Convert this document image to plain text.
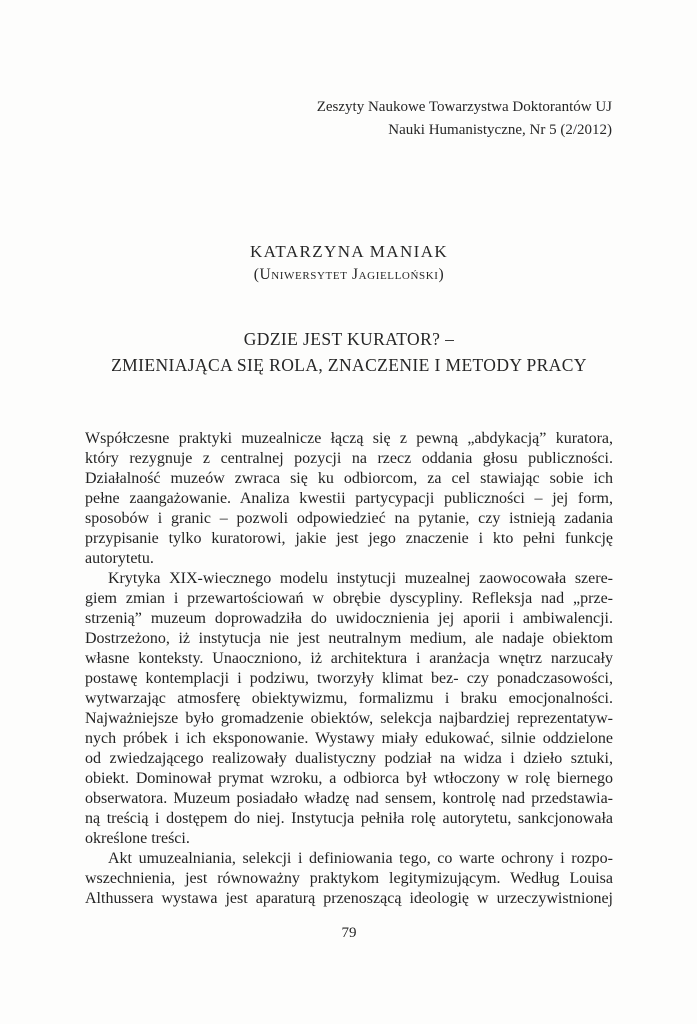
Zeszyty Naukowe Towarzystwa Doktorantów UJ
Nauki Humanistyczne, Nr 5 (2/2012)
KATARZYNA MANIAK
(Uniwersytet Jagielloński)
GDZIE JEST KURATOR? –
ZMIENIAJĄCA SIĘ ROLA, ZNACZENIE I METODY PRACY
Współczesne praktyki muzealnicze łączą się z pewną „abdykacją” kuratora,
który rezygnuje z centralnej pozycji na rzecz oddania głosu publiczności.
Działalność muzeów zwraca się ku odbiorcom, za cel stawiając sobie ich
pełne zaangażowanie. Analiza kwestii partycypacji publiczności – jej form,
sposobów i granic – pozwoli odpowiedzieć na pytanie, czy istnieją zadania
przypisanie tylko kuratorowi, jakie jest jego znaczenie i kto pełni funkcję
autorytetu.
Krytyka XIX-wiecznego modelu instytucji muzealnej zaowocowała szere-
giem zmian i przewartościowań w obrębie dyscypliny. Refleksja nad „prze-
strzenią” muzeum doprowadziła do uwidocznienia jej aporii i ambiwalencji.
Dostrzeżono, iż instytucja nie jest neutralnym medium, ale nadaje obiektom
własne konteksty. Unaoczniono, iż architektura i aranżacja wnętrz narzucały
postawę kontemplacji i podziwu, tworzyły klimat bez- czy ponadczasowości,
wytwarzając atmosferę obiektywizmu, formalizmu i braku emocjonalności.
Najważniejsze było gromadzenie obiektów, selekcja najbardziej reprezentatyw-
nych próbek i ich eksponowanie. Wystawy miały edukować, silnie oddzielone
od zwiedzającego realizowały dualistyczny podział na widza i dzieło sztuki,
obiekt. Dominował prymat wzroku, a odbiorca był wtłoczony w rolę biernego
obserwatora. Muzeum posiadało władzę nad sensem, kontrolę nad przedstawia-
ną treścią i dostępem do niej. Instytucja pełniła rolę autorytetu, sankcjonowała
określone treści.
Akt umuzealniania, selekcji i definiowania tego, co warte ochrony i rozpo-
wszechnienia, jest równoważny praktykom legitymizującym. Według Louisa
Althussera wystawa jest aparaturą przenoszącą ideologię w urzeczywistnionej
79
